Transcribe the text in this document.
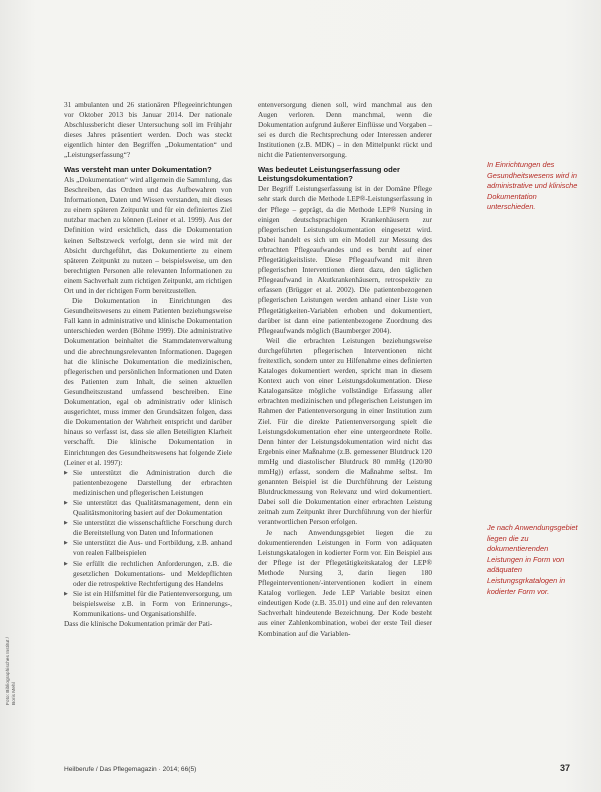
31 ambulanten und 26 stationären Pflegeeinrichtungen vor Oktober 2013 bis Januar 2014. Der nationale Abschlussbericht dieser Untersuchung soll im Frühjahr dieses Jahres präsentiert werden. Doch was steckt eigentlich hinter den Begriffen „Dokumentation“ und „Leistungserfassung“?

Was versteht man unter Dokumentation?

Als „Dokumentation“ wird allgemein die Sammlung, das Beschreiben, das Ordnen und das Aufbewahren von Informationen, Daten und Wissen verstanden, mit dieses zu einem späteren Zeitpunkt und für ein definiertes Ziel nutzbar machen zu können (Leiner et al. 1999). Aus der Definition wird ersichtlich, dass die Dokumentation keinen Selbstzweck verfolgt, denn sie wird mit der Absicht durchgeführt, das Dokumentierte zu einem späteren Zeitpunkt zu nutzen – beispielsweise, um den berechtigten Personen alle relevanten Informationen zu einem Sachverhalt zum richtigen Zeitpunkt, am richtigen Ort und in der richtigen Form bereitzustellen.

Die Dokumentation in Einrichtungen des Gesundheitswesens zu einem Patienten beziehungsweise Fall kann in administrative und klinische Dokumentation unterschieden werden (Böhme 1999). Die administrative Dokumentation beinhaltet die Stammdatenverwaltung und die abrechnungsrelevanten Informationen. Dagegen hat die klinische Dokumentation die medizinischen, pflegerischen und persönlichen Informationen und Daten des Patienten zum Inhalt, die seinen aktuellen Gesundheitszustand umfassend beschreiben. Eine Dokumentation, egal ob administrativ oder klinisch ausgerichtet, muss immer den Grundsätzen folgen, dass die Dokumentation der Wahrheit entspricht und darüber hinaus so verfasst ist, dass sie allen Beteiligten Klarheit verschafft. Die klinische Dokumentation in Einrichtungen des Gesundheitswesens hat folgende Ziele (Leiner et al. 1997):

▶ Sie unterstützt die Administration durch die patientenbezogene Darstellung der erbrachten medizinischen und pflegerischen Leistungen
▶ Sie unterstützt das Qualitätsmanagement, denn ein Qualitätsmonitoring basiert auf der Dokumentation
▶ Sie unterstützt die wissenschaftliche Forschung durch die Bereitstellung von Daten und Informationen
▶ Sie unterstützt die Aus- und Fortbildung, z.B. anhand von realen Fallbeispielen
▶ Sie erfüllt die rechtlichen Anforderungen, z.B. die gesetzlichen Dokumentations- und Meldepflichten oder die retrospektive Rechtfertigung des Handelns
▶ Sie ist ein Hilfsmittel für die Patientenversorgung, um beispielsweise z.B. in Form von Erinnerungs-, Kommunikations- und Organisationshilfe.

Dass die klinische Dokumentation primär der Pati-

entenversorgung dienen soll, wird manchmal aus den Augen verloren. Denn manchmal, wenn die Dokumentation aufgrund äußerer Einflüsse und Vorgaben – sei es durch die Rechtsprechung oder Interessen anderer Institutionen (z.B. MDK) – in den Mittelpunkt rückt und nicht die Patientenversorgung.

Was bedeutet Leistungserfassung oder Leistungsdokumentation?

Der Begriff Leistungserfassung ist in der Domäne Pflege sehr stark durch die Methode LEP®-Leistungserfassung in der Pflege – geprägt, da die Methode LEP® Nursing in einigen deutschsprachigen Krankenhäusern zur pflegerischen Leistungsdokumentation eingesetzt wird. Dabei handelt es sich um ein Modell zur Messung des erbrachten Pflegeaufwandes und es beruht auf einer Pflegetätigkeitsliste. Diese Pflegeaufwand mit ihren pflegerischen Interventionen dient dazu, den täglichen Pflegeaufwand in Akutkrankenhäusern, retrospektiv zu erfassen (Brügger et al. 2002). Die patientenbezogenen pflegerischen Leistungen werden anhand einer Liste von Pflegetätigkeiten-Variablen erhoben und dokumentiert, darüber ist dann eine patientenbezogene Zuordnung des Pflegeaufwands möglich (Baumberger 2004).

Weil die erbrachten Leistungen beziehungsweise durchgeführten pflegerischen Interventionen nicht freitextlich, sondern unter zu Hilfenahme eines definierten Kataloges dokumentiert werden, spricht man in diesem Kontext auch von einer Leistungsdokumentation. Diese Katalogansätze mögliche vollständige Erfassung aller erbrachten medizinischen und pflegerischen Leistungen im Rahmen der Patientenversorgung in einer Institution zum Ziel. Für die direkte Patientenversorgung spielt die Leistungsdokumentation eher eine untergeordnete Rolle. Denn hinter der Leistungsdokumentation wird nicht das Ergebnis einer Maßnahme (z.B. gemessener Blutdruck 120 mmHg und diastolischer Blutdruck 80 mmHg (120/80 mmHg)) erfasst, sondern die Maßnahme selbst. Im genannten Beispiel ist die Durchführung der Leistung Blutdruckmessung von Relevanz und wird dokumentiert. Dabei soll die Dokumentation einer erbrachten Leistung zeitnah zum Zeitpunkt ihrer Durchführung von der hierfür verantwortlichen Person erfolgen.

Je nach Anwendungsgebiet liegen die zu dokumentierenden Leistungen in Form von adäquaten Leistungskatalogen in kodierter Form vor. Ein Beispiel aus der Pflege ist der Pflegetätigkeitskatalog der LEP® Methode Nursing 3, darin liegen 180 Pflegeinterventionen/-interventionen kodiert in einem Katalog vorliegen. Jede LEP Variable besitzt einen eindeutigen Kode (z.B. 35.01) und eine auf den relevanten Sachverhalt hindeutende Bezeichnung. Der Kode besteht aus einer Zahlenkombination, wobei der erste Teil dieser Kombination auf die Variablen-

In Einrichtungen des Gesundheitswesens wird in administrative und klinische Dokumentation unterschieden.
Je nach Anwendungsgebiet liegen die zu dokumentierenden Leistungen in Form von adäquaten Leistungsgrkatalogen in kodierter Form vor.
Foto: Bibliographisches Institut / Boris Mehl
Heilberufe / Das Pflegemagazin · 2014; 66(5)	37
